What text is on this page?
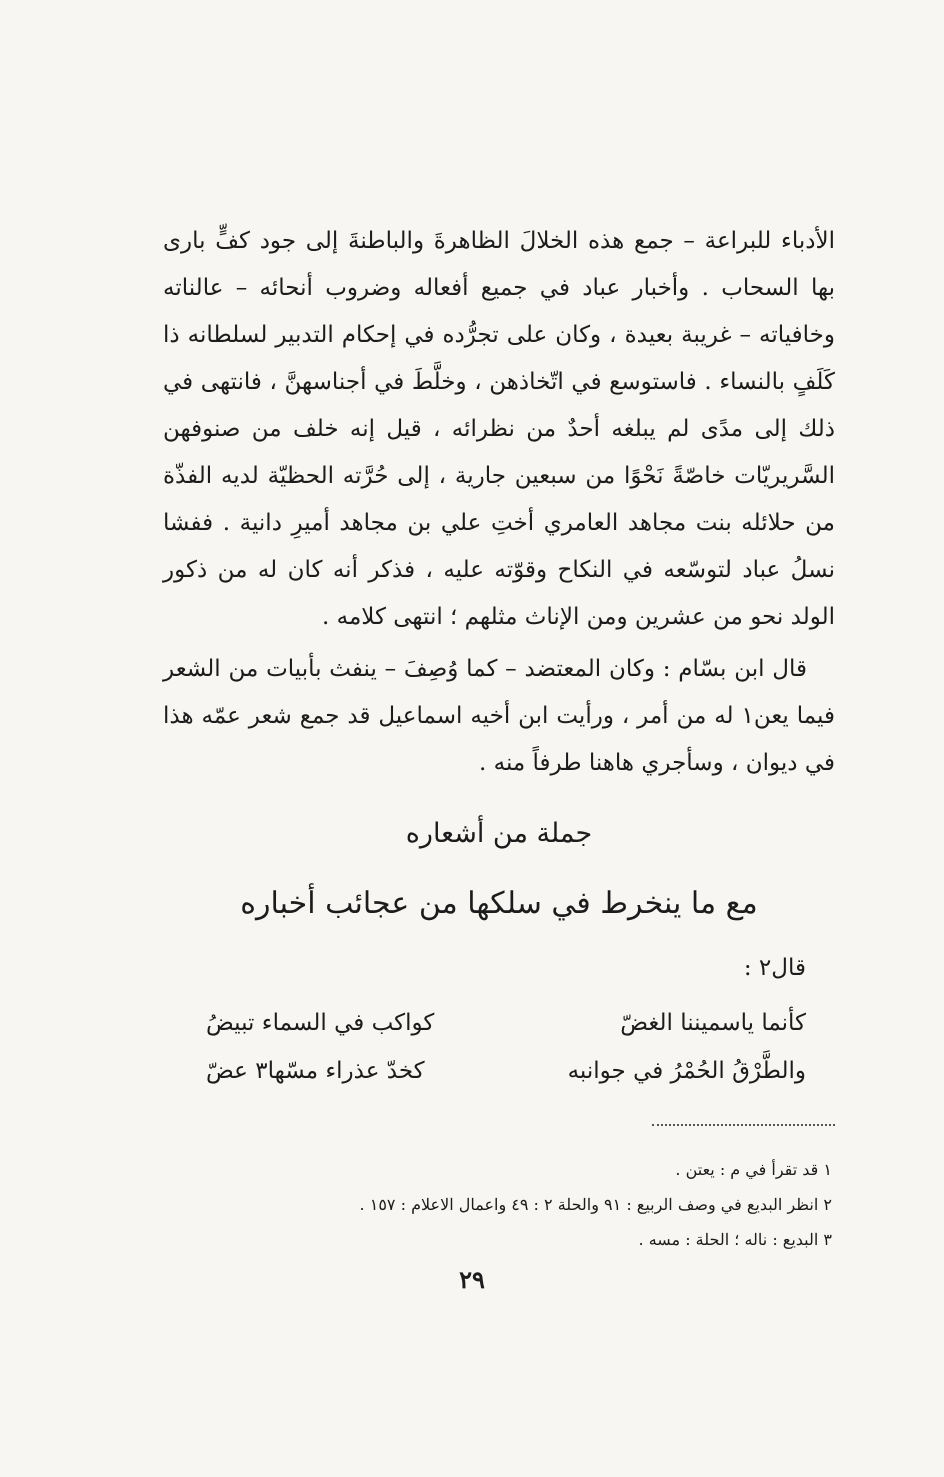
الأدباء للبراعة – جمع هذه الخلالَ الظاهرةَ والباطنةَ إلى جود كفٍّ بارى بها السحاب . وأخبار عباد في جميع أفعاله وضروب أنحائه – عالناته وخافياته – غريبة بعيدة ، وكان على تجرُّده في إحكام التدبير لسلطانه ذا كَلَفٍ بالنساء . فاستوسع في اتّخاذهن ، وخلَّطَ في أجناسهنَّ ، فانتهى في ذلك إلى مدًى لم يبلغه أحدٌ من نظرائه ، قيل إنه خلف من صنوفهن السَّريريّات خاصّةً نَحْوًا من سبعين جارية ، إلى حُرَّته الحظيّة لديه الفذّة من حلائله بنت مجاهد العامري أختِ علي بن مجاهد أميرِ دانية . ففشا نسلُ عباد لتوسّعه في النكاح وقوّته عليه ، فذكر أنه كان له من ذكور الولد نحو من عشرين ومن الإناث مثلهم ؛ انتهى كلامه .

قال ابن بسّام : وكان المعتضد – كما وُصِفَ – ينفث بأبيات من الشعر فيما يعن١ له من أمر ، ورأيت ابن أخيه اسماعيل قد جمع شعر عمّه هذا في ديوان ، وسأجري هاهنا طرفاً منه .

جملة من أشعاره
مع ما ينخرط في سلكها من عجائب أخباره
قال٢ :
كأنما ياسميننا الغضّ
كواكب في السماء تبيضُ
والطَّرْقُ الحُمْرُ في جوانبه
كخدّ عذراء مسّها٣ عضّ
١ قد تقرأ في م : يعتن .
٢ انظر البديع في وصف الربيع : ٩١ والحلة ٢ : ٤٩ واعمال الاعلام : ١٥٧ .
٣ البديع : ناله ؛ الحلة : مسه .
٢٩
